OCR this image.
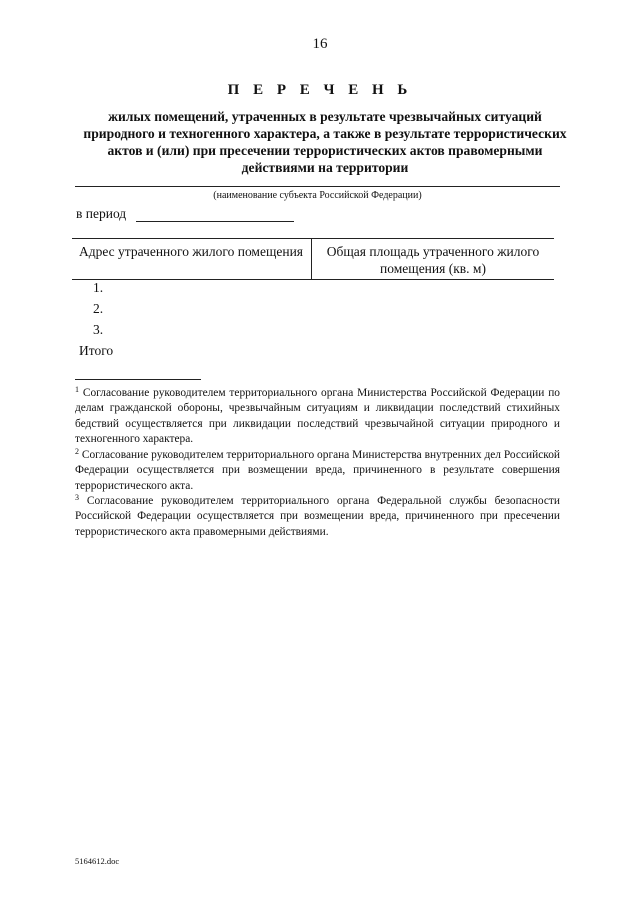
16
П Е Р Е Ч Е Н Ь
жилых помещений, утраченных в результате чрезвычайных ситуаций природного и техногенного характера, а также в результате террористических актов и (или) при пресечении террористических актов правомерными действиями на территории
(наименование субъекта Российской Федерации)
в период
Адрес утраченного жилого помещения	Общая площадь утраченного жилого помещения (кв. м)
1.
2.
3.
Итого
$^1$ Согласование руководителем территориального органа Министерства Российской Федерации по делам гражданской обороны, чрезвычайным ситуациям и ликвидации последствий стихийных бедствий осуществляется при ликвидации последствий чрезвычайной ситуации природного и техногенного характера.
$^2$ Согласование руководителем территориального органа Министерства внутренних дел Российской Федерации осуществляется при возмещении вреда, причиненного в результате совершения террористического акта.
$^3$ Согласование руководителем территориального органа Федеральной службы безопасности Российской Федерации осуществляется при возмещении вреда, причиненного при пресечении террористического акта правомерными действиями.
5164612.doc
